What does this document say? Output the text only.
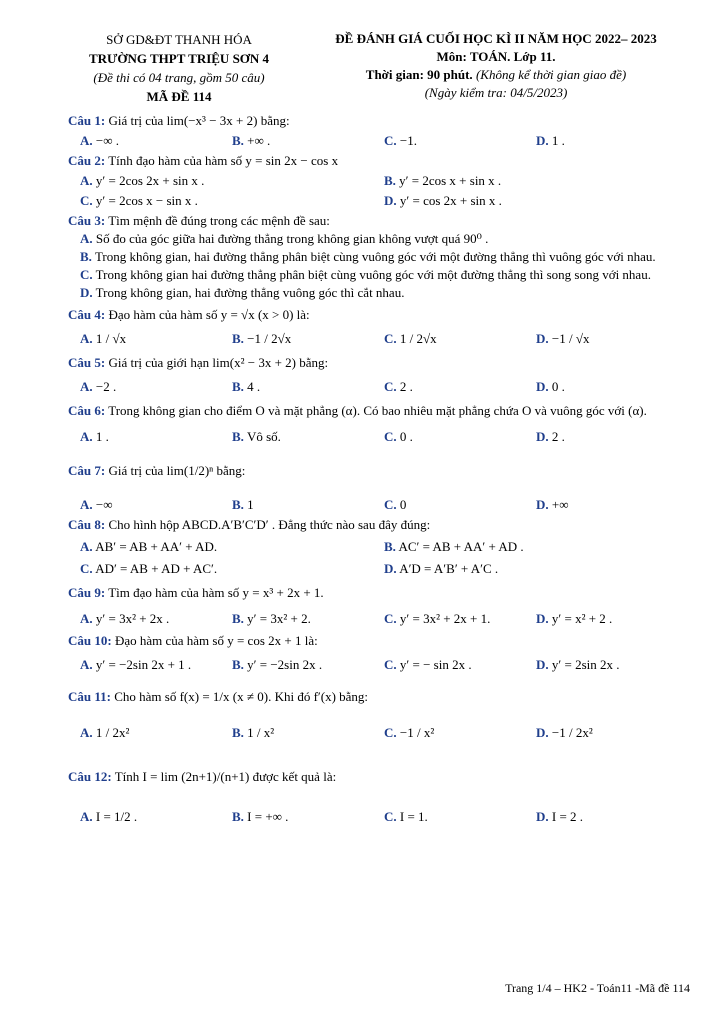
SỞ GD&ĐT THANH HÓA
TRƯỜNG THPT TRIỆU SƠN 4
(Đề thi có 04 trang, gồm 50 câu)
MÃ ĐỀ 114
ĐỀ ĐÁNH GIÁ CUỐI HỌC KÌ II NĂM HỌC 2022– 2023
Môn: TOÁN. Lớp 11.
Thời gian: 90 phút. (Không kể thời gian giao đề)
(Ngày kiểm tra: 04/5/2023)

Câu 1: Giá trị của lim(−x³ − 3x + 2) bằng:

A. −∞ .	B. +∞ .	C. −1.	D. 1 .

Câu 2: Tính đạo hàm của hàm số y = sin 2x − cos x

A. y′ = 2cos 2x + sin x .	B. y′ = 2cos x + sin x .
C. y′ = 2cos x − sin x .	D. y′ = cos 2x + sin x .

Câu 3: Tìm mệnh đề đúng trong các mệnh đề sau:

A. Số đo của góc giữa hai đường thẳng trong không gian không vượt quá 90⁰ .
B. Trong không gian, hai đường thẳng phân biệt cùng vuông góc với một đường thẳng thì vuông góc với nhau.
C. Trong không gian hai đường thẳng phân biệt cùng vuông góc với một đường thẳng thì song song với nhau.
D. Trong không gian, hai đường thẳng vuông góc thì cắt nhau.

Câu 4: Đạo hàm của hàm số y = √x (x > 0) là:

A. 1 / √x	B. −1 / 2√x	C. 1 / 2√x	D. −1 / √x

Câu 5: Giá trị của giới hạn lim(x² − 3x + 2) bằng:

A. −2 .	B. 4 .	C. 2 .	D. 0 .

Câu 6: Trong không gian cho điểm O và mặt phẳng (α). Có bao nhiêu mặt phẳng chứa O và vuông góc với (α).

A. 1 .	B. Vô số.	C. 0 .	D. 2 .

Câu 7: Giá trị của lim(1/2)ⁿ bằng:

A. −∞	B. 1	C. 0	D. +∞

Câu 8: Cho hình hộp ABCD.A′B′C′D′ . Đẳng thức nào sau đây đúng:

A. AB′ = AB + AA′ + AD.	B. AC′ = AB + AA′ + AD .
C. AD′ = AB + AD + AC′.	D. A′D = A′B′ + A′C .

Câu 9: Tìm đạo hàm của hàm số y = x³ + 2x + 1.

A. y′ = 3x² + 2x .	B. y′ = 3x² + 2.	C. y′ = 3x² + 2x + 1.	D. y′ = x² + 2 .

Câu 10: Đạo hàm của hàm số y = cos 2x + 1 là:

A. y′ = −2sin 2x + 1 .	B. y′ = −2sin 2x .	C. y′ = − sin 2x .	D. y′ = 2sin 2x .

Câu 11: Cho hàm số f(x) = 1/x (x ≠ 0). Khi đó f′(x) bằng:

A. 1 / 2x²	B. 1 / x²	C. −1 / x²	D. −1 / 2x²

Câu 12: Tính I = lim (2n+1)/(n+1) được kết quả là:

A. I = 1/2 .	B. I = +∞ .	C. I = 1.	D. I = 2 .
Trang 1/4 – HK2 - Toán11 -Mã đề 114
